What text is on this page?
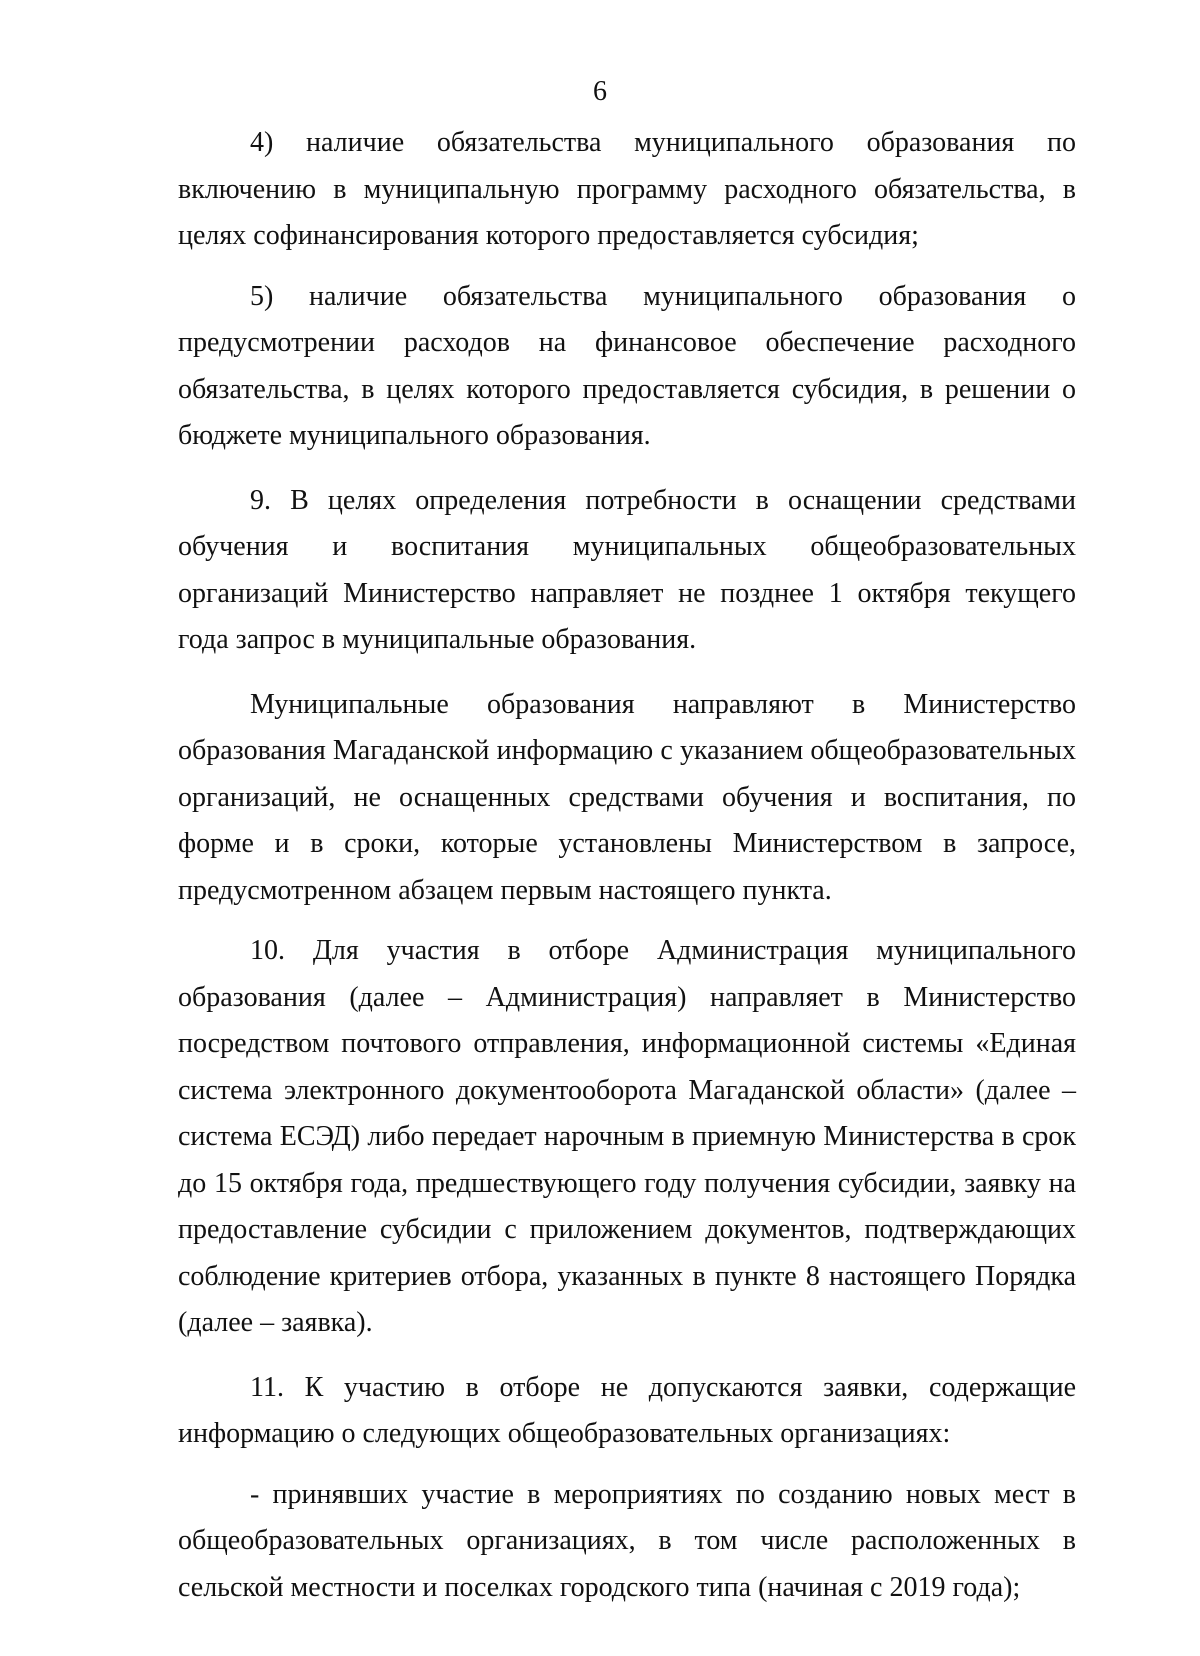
6

4) наличие обязательства муниципального образования по включению в муниципальную программу расходного обязательства, в целях софинансирования которого предоставляется субсидия;

5) наличие обязательства муниципального образования о предусмотрении расходов на финансовое обеспечение расходного обязательства, в целях которого предоставляется субсидия, в решении о бюджете муниципального образования.

9. В целях определения потребности в оснащении средствами обучения и воспитания муниципальных общеобразовательных организаций Министерство направляет не позднее 1 октября текущего года запрос в муниципальные образования.

Муниципальные образования направляют в Министерство образования Магаданской информацию с указанием общеобразовательных организаций, не оснащенных средствами обучения и воспитания, по форме и в сроки, которые установлены Министерством в запросе, предусмотренном абзацем первым настоящего пункта.

10. Для участия в отборе Администрация муниципального образования (далее – Администрация) направляет в Министерство посредством почтового отправления, информационной системы «Единая система электронного документооборота Магаданской области» (далее – система ЕСЭД) либо передает нарочным в приемную Министерства в срок до 15 октября года, предшествующего году получения субсидии, заявку на предоставление субсидии с приложением документов, подтверждающих соблюдение критериев отбора, указанных в пункте 8 настоящего Порядка (далее – заявка).

11. К участию в отборе не допускаются заявки, содержащие информацию о следующих общеобразовательных организациях:

- принявших участие в мероприятиях по созданию новых мест в общеобразовательных организациях, в том числе расположенных в сельской местности и поселках городского типа (начиная с 2019 года);
